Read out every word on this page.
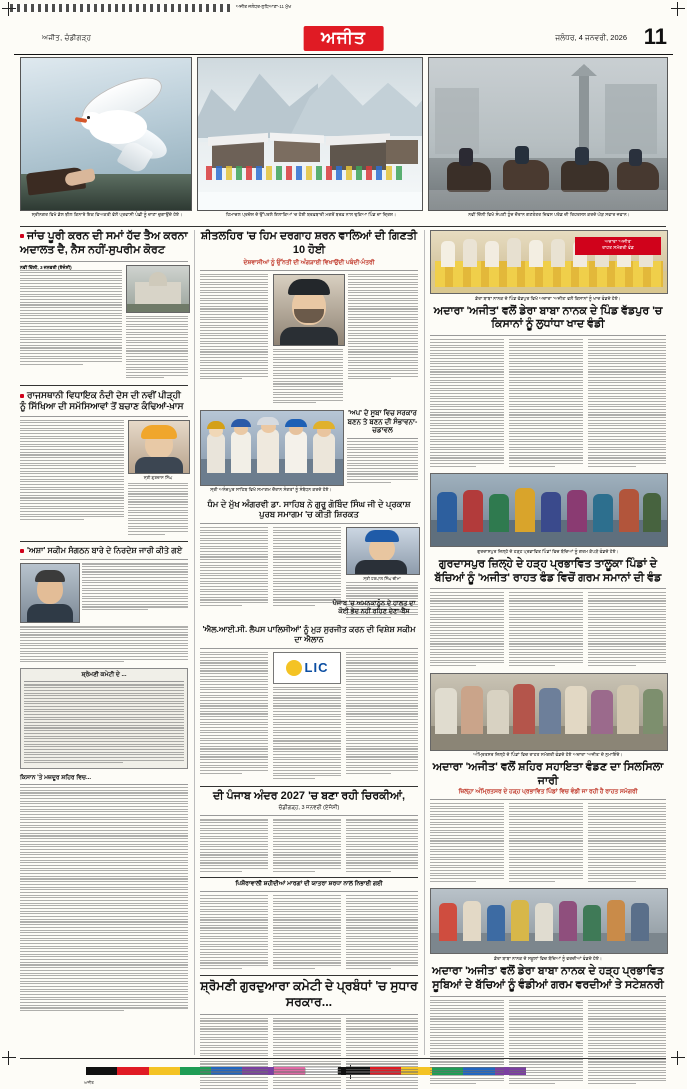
ਅਜੀਤ ਜਲੰਧਰ-ਲੁਧਿਆਣਾ-11 ਮੁੱਖ
ਅਜੀਤ
ਅਜੀਤ, ਚੰਡੀਗੜ੍ਹ	ਅਜੀਤ	ਜਲੰਧਰ, 4 ਜਨਵਰੀ, 2026 11
ਸ੍ਰੀਨਗਰ ਵਿਖੇ ਡੱਲ ਝੀਲ ਕਿਨਾਰੇ ਇਕ ਵਿਅਕਤੀ ਵੱਲੋਂ ਪ੍ਰਵਾਸੀ ਪੰਛੀ ਨੂੰ ਦਾਣਾ ਚੁਗਾਉਂਦੇ ਹੋਏ।	ਹਿਮਾਚਲ ਪ੍ਰਦੇਸ਼ ਦੇ ਉੱਪਰਲੇ ਇਲਾਕਿਆਂ 'ਚ ਹੋਈ ਬਰਫ਼ਬਾਰੀ ਮਗਰੋਂ ਬਰਫ਼ ਨਾਲ ਢਕਿਆ ਪਿੰਡ ਦਾ ਦ੍ਰਿਸ਼।	ਨਵੀਂ ਦਿੱਲੀ ਵਿਖੇ ਸੰਘਣੀ ਧੁੰਦ ਦੌਰਾਨ ਗਣਤੰਤਰ ਦਿਵਸ ਪਰੇਡ ਦੀ ਰਿਹਰਸਲ ਕਰਦੇ ਘੋੜ ਸਵਾਰ ਜਵਾਨ।
ਜਾਂਚ ਪੂਰੀ ਕਰਨ ਦੀ ਸਮਾਂ ਹੱਦ ਤੈਅ ਕਰਨਾ ਅਦਾਲਤ ਦੈ, ਨੈਸ ਨਹੀਂ-ਸੁਪਰੀਮ ਕੋਰਟ
ਨਵੀਂ ਦਿੱਲੀ, 3 ਜਨਵਰੀ (ਏਜੰਸੀ)
ਰਾਜਸਥਾਨੀ ਵਿਧਾਇਕ ਨੰਦੀ ਦੇਸ ਦੀ ਨਵੀਂ ਪੀੜ੍ਹੀ ਨੂੰ ਸਿੱਖਿਆ ਦੀ ਸਮੱਸਿਆਵਾਂ ਤੋਂ ਬਚਾਣ ਕੰਢਿਆਂ-ਖ਼ਾਸ
ਸ੍ਰੀ ਗੁਰਦਾਸ ਸਿੰਘ
'ਅਸ਼ਾ' ਸਕੀਮ ਸੰਗਠਨ ਬਾਰੇ ਦੇ ਨਿਰਦੇਸ਼ ਜਾਰੀ ਕੀਤੇ ਗਏ
ਸ਼੍ਰੋਮਣੀ ਕਮੇਟੀ ਦੇ ...
ਕਿਸਾਨ 'ਤੇ ਮਜ਼ਦੂਰ ਸ਼ਹਿਰ ਵਿਚ...
ਸ਼ੀਤਲਹਿਰ 'ਚ ਹਿਮ ਦਰਗਾਹ ਸ਼ਰਨ ਵਾਲਿਆਂ ਦੀ ਗਿਣਤੀ 10 ਹੋਈ
ਦੇਸ਼ਵਾਸੀਆਂ ਨੂੰ ਉੱਨਤੀ ਦੀ ਅੰਗੜਾਈ ਵਿਖਾਉਂਦੀ ਪਬੰਦੀ-ਮੰਤਰੀ
ਸ੍ਰੀ ਅਨੰਦਪੁਰ ਸਾਹਿਬ ਵਿਖੇ ਸਮਾਗਮ ਦੌਰਾਨ ਸੰਗਤਾਂ ਨੂੰ ਸੰਬੋਧਨ ਕਰਦੇ ਹੋਏ।
'ਅਪ' ਦੇ ਸੂਬਾ ਵਿਚ ਸਰਕਾਰ ਬਣਨ ਤੇ ਬਣਨ ਦੀ ਸੰਭਾਵਨਾ-ਚਡਾਵਲ
ਧੰਮ ਦੇ ਮੁੱਖ ਅੰਗਰਵੀ ਡਾ. ਸਾਹਿਬ ਨੇ ਗੁਰੂ ਗੋਬਿੰਦ ਸਿੰਘ ਜੀ ਦੇ ਪ੍ਰਕਾਸ਼ ਪੁਰਬ ਸਮਾਗਮ 'ਚ ਕੀਤੀ ਸ਼ਿਰਕਤ
ਸ੍ਰੀ ਹਰਪਾਲ ਸਿੰਘ ਚੀਮਾ
'ਐਲ.ਆਈ.ਸੀ. ਲੈਪਸ ਪਾਲਿਸੀਆਂ' ਨੂੰ ਮੁੜ ਸੁਰਜੀਤ ਕਰਨ ਦੀ ਵਿਸ਼ੇਸ਼ ਸਕੀਮ ਦਾ ਐਲਾਨ
LIC
ਦੀ ਪੰਜਾਬ ਅੰਦਰ 2027 'ਚ ਬਣਾ ਰਹੀ ਚਿਰਕੀਆਂ,
ਚੰਡੀਗੜ੍ਹ, 3 ਜਨਵਰੀ (ਏਜੰਸੀ)
ਪਿਸ਼ੌਰਾਵਾਲੀ ਸ਼ਹੀਦੀਆਂ ਮਾਰਗਾਂ ਦੀ ਯਾਤਰਾ ਸ਼ਰਧਾ ਨਾਲ ਨਿਭਾਈ ਗਈ
ਸ਼੍ਰੋਮਣੀ ਗੁਰਦੁਆਰਾ ਕਮੇਟੀ ਦੇ ਪ੍ਰਬੰਧਾਂ 'ਚ ਸੁਧਾਰ ਸਰਕਾਰ...
ਅਦਾਰਾ 'ਅਜੀਤ'
ਰਾਹਤ ਸਮੱਗਰੀ ਵੰਡ
ਡੇਰਾ ਬਾਬਾ ਨਾਨਕ ਦੇ ਪਿੰਡ ਵੱਡਪੁਰ ਵਿਖੇ ਅਦਾਰਾ 'ਅਜੀਤ' ਵਲੋਂ ਕਿਸਾਨਾਂ ਨੂੰ ਖਾਦ ਵੰਡਦੇ ਹੋਏ।
ਅਦਾਰਾ 'ਅਜੀਤ' ਵਲੋਂ ਡੇਰਾ ਬਾਬਾ ਨਾਨਕ ਦੇ ਪਿੰਡ ਵੱਡਪੁਰ 'ਚ ਕਿਸਾਨਾਂ ਨੂੰ ਲੁਧਾਂਧਾ ਖਾਦ ਵੰਡੀ
ਗੁਰਦਾਸਪੁਰ ਜ਼ਿਲ੍ਹੇ ਦੇ ਹੜ੍ਹ ਪ੍ਰਭਾਵਿਤ ਪਿੰਡਾਂ ਵਿਚ ਬੱਚਿਆਂ ਨੂੰ ਗਰਮ ਕੱਪੜੇ ਵੰਡਦੇ ਹੋਏ।
ਗੁਰਦਾਸਪੁਰ ਜ਼ਿਲ੍ਹੇ ਦੇ ਹੜ੍ਹ ਪ੍ਰਭਾਵਿਤ ਤਾਲੂਕਾ ਪਿੰਡਾਂ ਦੇ ਬੱਚਿਆਂ ਨੂੰ 'ਅਜੀਤ' ਰਾਹਤ ਫੰਡ ਵਿਚੋਂ ਗਰਮ ਸਮਾਨਾਂ ਦੀ ਵੰਡ
ਅੰਮ੍ਰਿਤਸਰ ਜ਼ਿਲ੍ਹੇ ਦੇ ਪਿੰਡਾਂ ਵਿਚ ਰਾਹਤ ਸਮੱਗਰੀ ਵੰਡਦੇ ਹੋਏ ਅਦਾਰਾ 'ਅਜੀਤ' ਦੇ ਨੁਮਾਇੰਦੇ।
ਅਦਾਰਾ 'ਅਜੀਤ' ਵਲੋਂ ਸ਼ਹਿਰ ਸਹਾਇਤਾ ਵੰਡਣ ਦਾ ਸਿਲਸਿਲਾ ਜਾਰੀ
ਜ਼ਿਲ੍ਹਾ ਅੰਮ੍ਰਿਤਸਰ ਦੇ ਹੜ੍ਹ ਪ੍ਰਭਾਵਿਤ ਪਿੰਡਾਂ ਵਿਚ ਵੰਡੀ ਜਾ ਰਹੀ ਹੈ ਰਾਹਤ ਸਮੱਗਰੀ
ਡੇਰਾ ਬਾਬਾ ਨਾਨਕ ਦੇ ਸਕੂਲਾਂ ਵਿਚ ਬੱਚਿਆਂ ਨੂੰ ਵਰਦੀਆਂ ਵੰਡਦੇ ਹੋਏ।
ਅਦਾਰਾ 'ਅਜੀਤ' ਵਲੋਂ ਡੇਰਾ ਬਾਬਾ ਨਾਨਕ ਦੇ ਹੜ੍ਹ ਪ੍ਰਭਾਵਿਤ ਸੂਬਿਆਂ ਦੇ ਬੱਚਿਆਂ ਨੂੰ ਵੰਡੀਆਂ ਗਰਮ ਵਰਦੀਆਂ ਤੇ ਸਟੇਸ਼ਨਰੀ
ਪੰਜਾਬ 'ਚ ਅਮਨਕਾਨੂੰਨ ਦੇ ਹਾਲਤ ਦਾ ਕੋਈ ਭੇਦ ਨਹੀਂ ਰਹਿਣ ਦੇਣਾ-ਬੈਂਸ
